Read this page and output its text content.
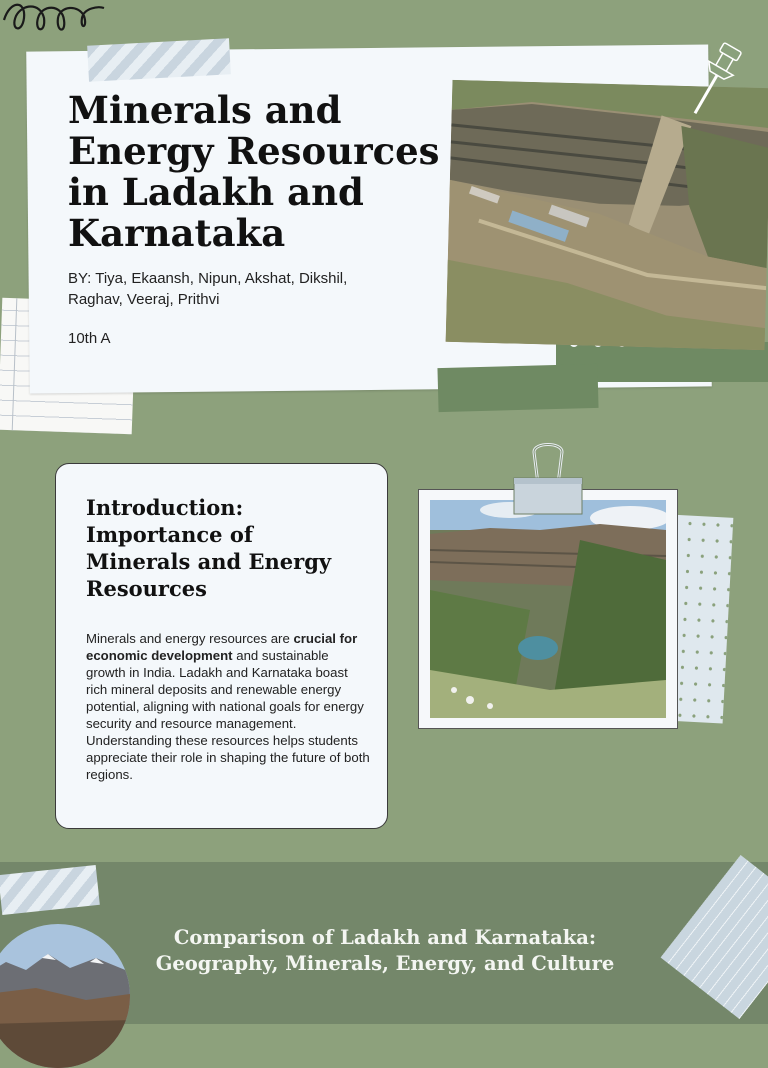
Minerals and
Energy Resources
in Ladakh and
Karnataka
BY: Tiya, Ekaansh, Nipun, Akshat, Dikshil,
Raghav, Veeraj, Prithvi
10th A
Introduction:
Importance of
Minerals and Energy
Resources
Minerals and energy resources are crucial for economic development and sustainable growth in India. Ladakh and Karnataka boast rich mineral deposits and renewable energy potential, aligning with national goals for energy security and resource management. Understanding these resources helps students appreciate their role in shaping the future of both regions.
Comparison of Ladakh and Karnataka:
Geography, Minerals, Energy, and Culture
